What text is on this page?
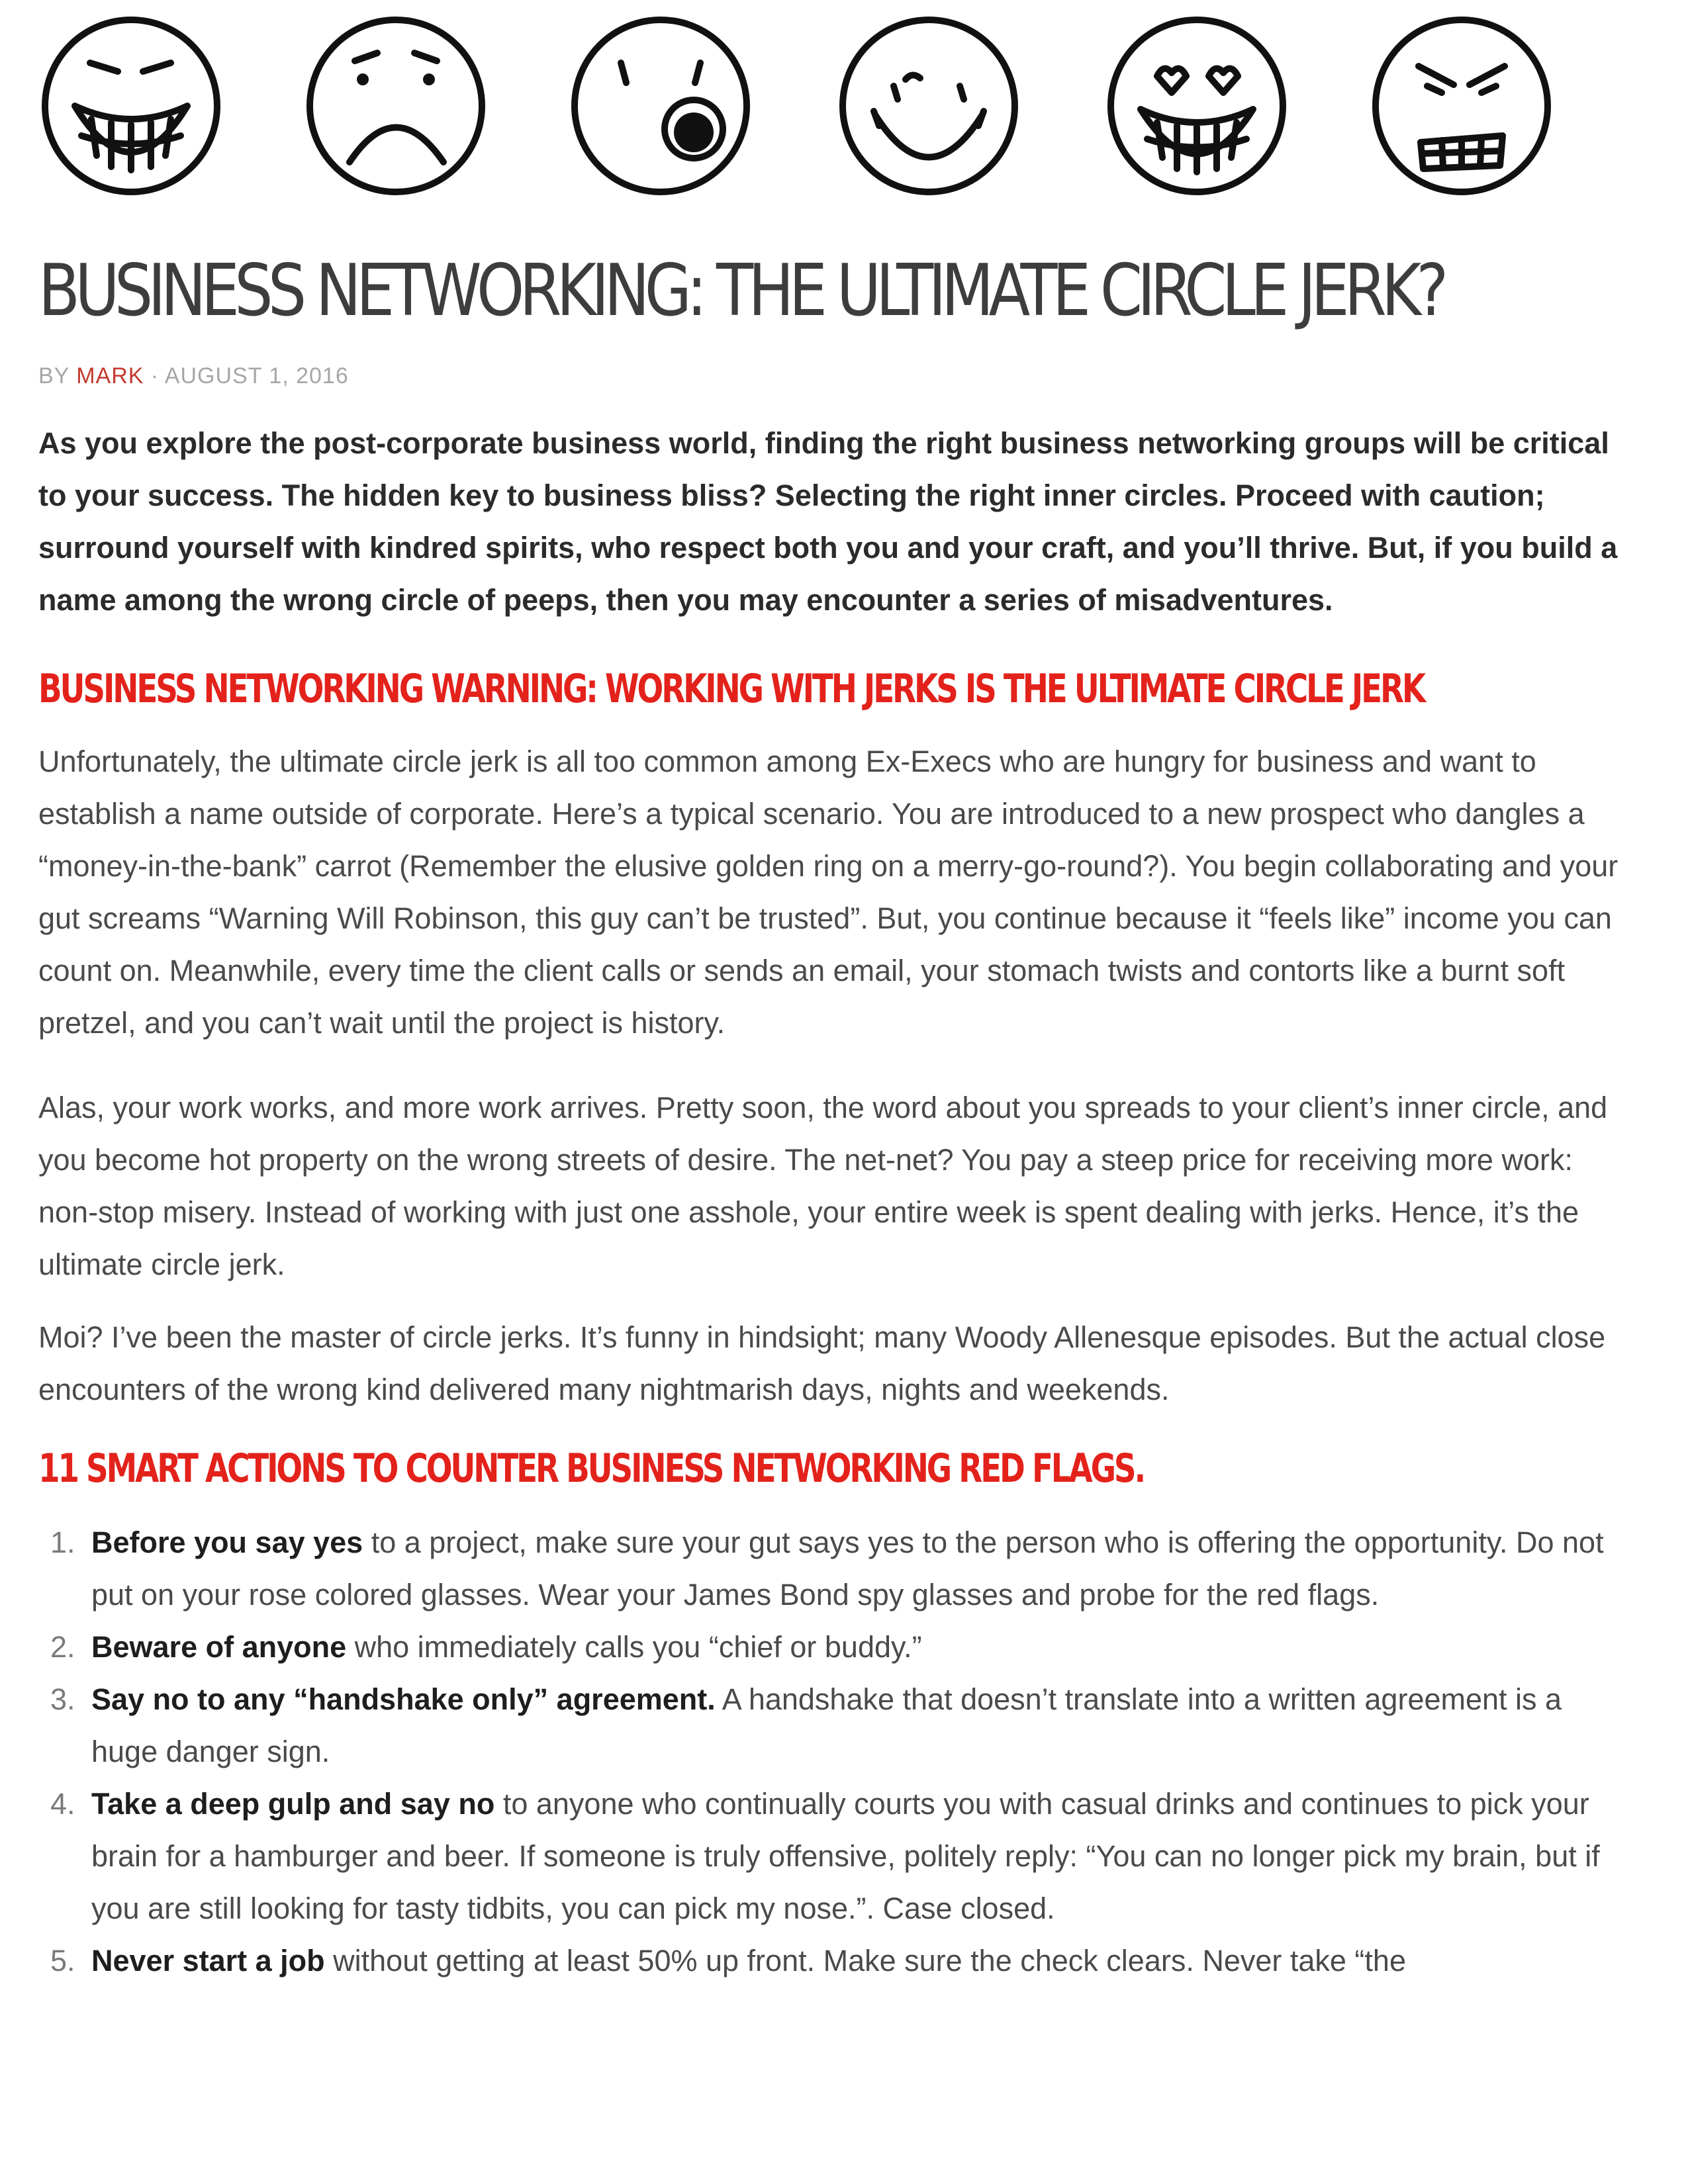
BUSINESS NETWORKING: THE ULTIMATE CIRCLE JERK?
BY MARK · AUGUST 1, 2016

As you explore the post-corporate business world, finding the right business networking groups will be critical to your success. The hidden key to business bliss? Selecting the right inner circles. Proceed with caution; surround yourself with kindred spirits, who respect both you and your craft, and you’ll thrive. But, if you build a name among the wrong circle of peeps, then you may encounter a series of misadventures.

BUSINESS NETWORKING WARNING: WORKING WITH JERKS IS THE ULTIMATE CIRCLE JERK

Unfortunately, the ultimate circle jerk is all too common among Ex-Execs who are hungry for business and want to establish a name outside of corporate. Here’s a typical scenario. You are introduced to a new prospect who dangles a “money-in-the-bank” carrot (Remember the elusive golden ring on a merry-go-round?). You begin collaborating and your gut screams “Warning Will Robinson, this guy can’t be trusted”. But, you continue because it “feels like” income you can count on. Meanwhile, every time the client calls or sends an email, your stomach twists and contorts like a burnt soft pretzel, and you can’t wait until the project is history.

Alas, your work works, and more work arrives. Pretty soon, the word about you spreads to your client’s inner circle, and you become hot property on the wrong streets of desire. The net-net? You pay a steep price for receiving more work: non-stop misery. Instead of working with just one asshole, your entire week is spent dealing with jerks. Hence, it’s the ultimate circle jerk.

Moi? I’ve been the master of circle jerks. It’s funny in hindsight; many Woody Allenesque episodes. But the actual close encounters of the wrong kind delivered many nightmarish days, nights and weekends.

11 SMART ACTIONS TO COUNTER BUSINESS NETWORKING RED FLAGS.
1. Before you say yes to a project, make sure your gut says yes to the person who is offering the opportunity. Do not put on your rose colored glasses. Wear your James Bond spy glasses and probe for the red flags.
2. Beware of anyone who immediately calls you “chief or buddy.”
3. Say no to any “handshake only” agreement. A handshake that doesn’t translate into a written agreement is a huge danger sign.
4. Take a deep gulp and say no to anyone who continually courts you with casual drinks and continues to pick your brain for a hamburger and beer. If someone is truly offensive, politely reply: “You can no longer pick my brain, but if you are still looking for tasty tidbits, you can pick my nose.”. Case closed.
5. Never start a job without getting at least 50% up front. Make sure the check clears. Never take “the
